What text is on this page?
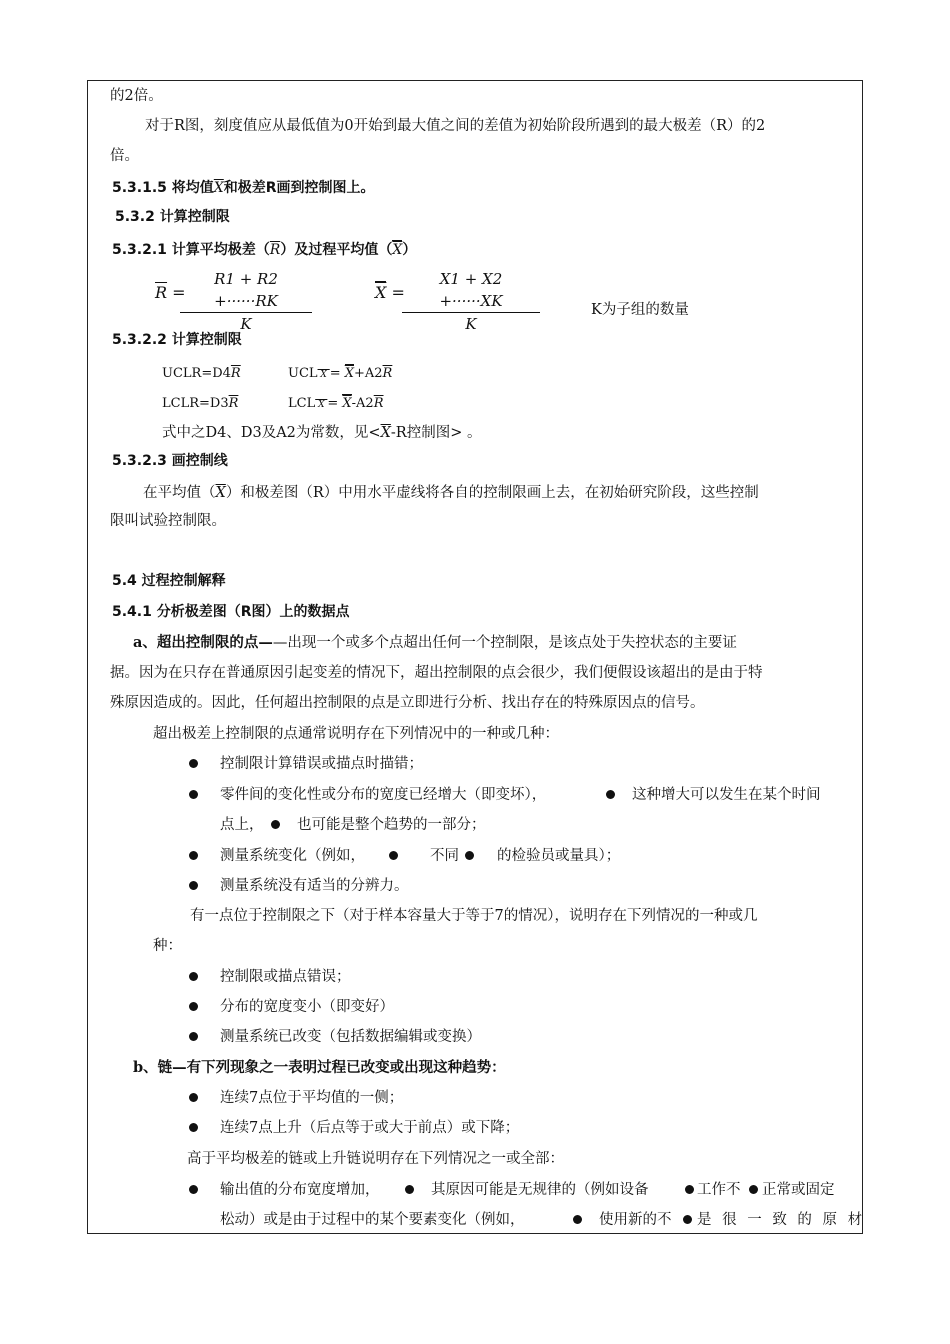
的2倍。
对于R图，刻度值应从最低值为0开始到最大值之间的差值为初始阶段所遇到的最大极差（R）的2
倍。
5.3.1.5 将均值$\overline{X}$和极差R画到控制图上。
5.3.2 计算控制限
5.3.2.1 计算平均极差$(\overline{R})$及过程平均值$(\overline{X})$
$\overline{R}$ =
$\frac{R1 + R2 +\cdot\cdot\cdot\cdot\cdot\cdot RK}{K}$	$\overline{X}$ =
$\frac{X1 + X2 +\cdot\cdot\cdot\cdot\cdot\cdot XK}{K}$	K为子组的数量
5.3.2.2 计算控制限
$UCLR=D4\overline{R}$	UCL $X = \overline{X}+A2\overline{R}$
$LCLR=D3\overline{R}$	LCL $X = \overline{X}-A2\overline{R}$
式中之D4、D3及A2为常数，见$<\overline{X}-R$控制图> 。
5.3.2.3 画控制线
在平均值$(\overline{X})$和极差图（R）中用水平虚线将各自的控制限画上去，在初始研究阶段，这些控制
限叫试验控制限。
5.4 过程控制解释
5.4.1 分析极差图（R图）上的数据点
a、超出控制限的点——出现一个或多个点超出任何一个控制限，是该点处于失控状态的主要证
据。因为在只存在普通原因引起变差的情况下，超出控制限的点会很少，我们便假设该超出的是由于特
殊原因造成的。因此，任何超出控制限的点是立即进行分析、找出存在的特殊原因点的信号。
超出极差上控制限的点通常说明存在下列情况中的一种或几种：
控制限计算错误或描点时描错；
零件间的变化性或分布的宽度已经增大（即变坏），	这种增大可以发生在某个时间
点上， 也可能是整个趋势的一部分；
测量系统变化（例如，	不同	的检验员或量具）；
测量系统没有适当的分辨力。
有一点位于控制限之下（对于样本容量大于等于7的情况），说明存在下列情况的一种或几
种：
控制限或描点错误；
分布的宽度变小（即变好）
测量系统已改变（包括数据编辑或变换）
b、链—有下列现象之一表明过程已改变或出现这种趋势：
连续7点位于平均值的一侧；
连续7点上升（后点等于或大于前点）或下降；
高于平均极差的链或上升链说明存在下列情况之一或全部：
输出值的分布宽度增加，	其原因可能是无规律的（例如设备	工作不 正常或固定
松动）或是由于过程中的某个要素变化（例如，	使用新的不 是 很 一 致 的 原 材
